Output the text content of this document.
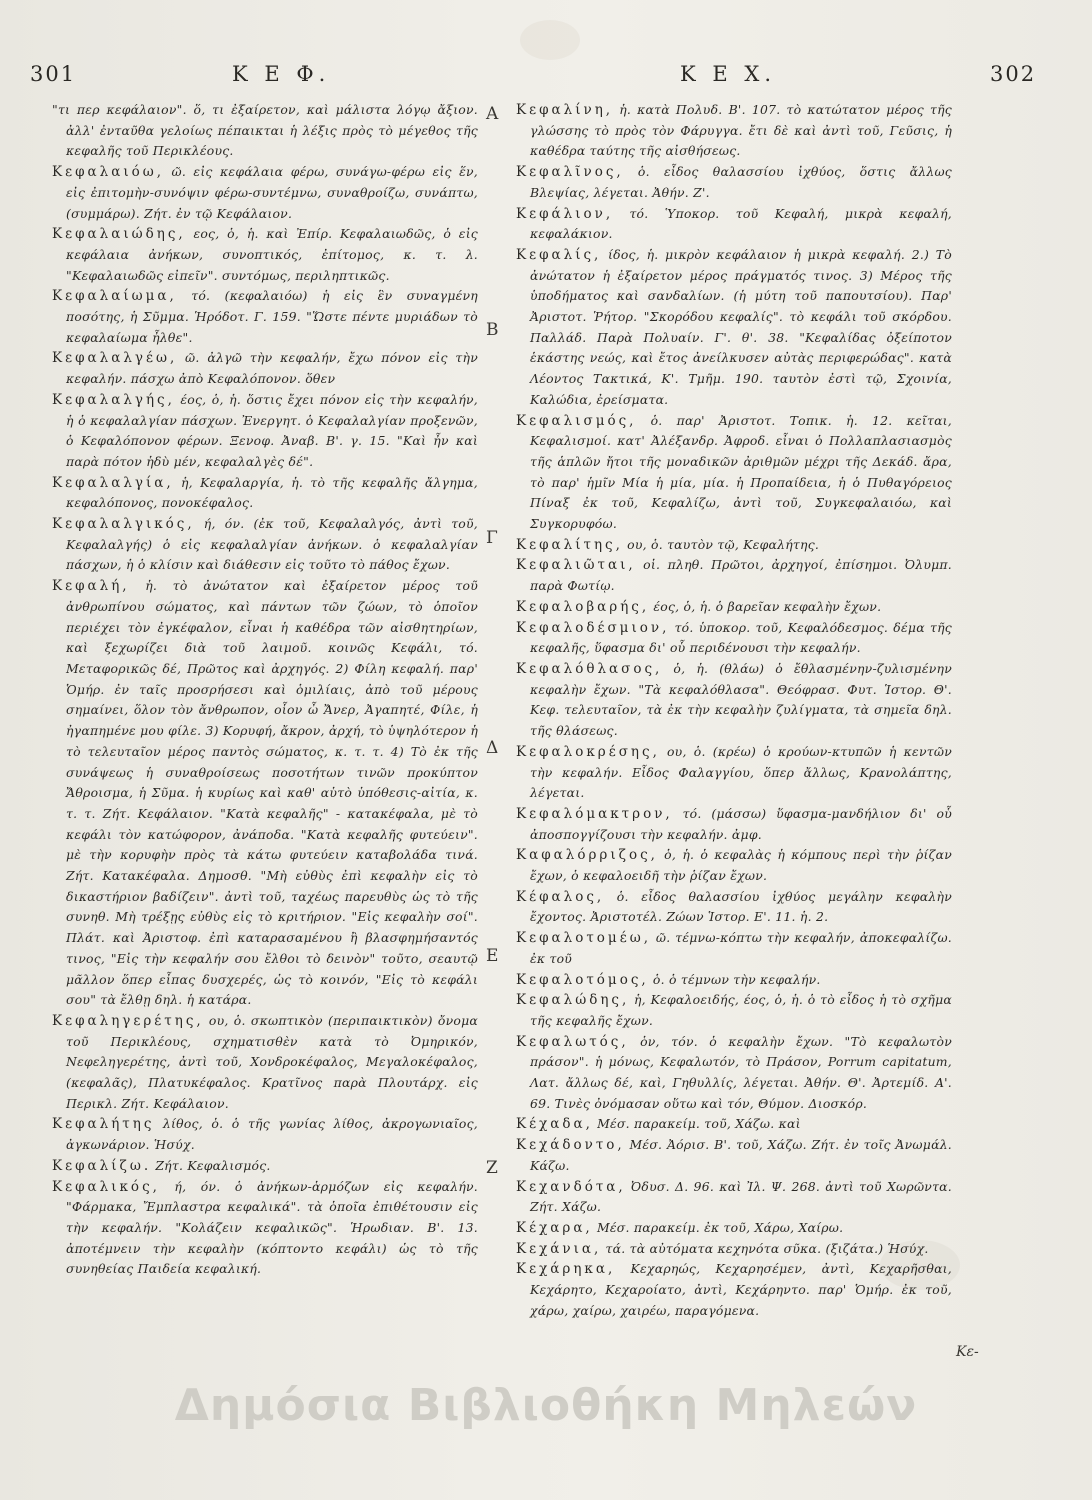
301	Κ Ε Φ.	Κ Ε Χ.	302

"τι περ κεφάλαιον". ὅ, τι ἐξαίρετον, καὶ μάλιστα λόγῳ ἄξιον. ἀλλ' ἐνταῦθα γελοίως πέπαικται ἡ λέξις πρὸς τὸ μέγεθος τῆς κεφαλῆς τοῦ Περικλέους.

Κεφαλαιόω, ῶ. εἰς κεφάλαια φέρω, συνάγω-φέρω εἰς ἕν, εἰς ἐπιτομὴν-συνόψιν φέρω-συντέμνω, συναθροίζω, συνάπτω, (συμμάρω). Ζήτ. ἐν τῷ Κεφάλαιον.

Κεφαλαιώδης, εος, ὁ, ἡ. καὶ Ἐπίρ. Κεφαλαιωδῶς, ὁ εἰς κεφάλαια ἀνήκων, συνοπτικός, ἐπίτομος, κ. τ. λ. "Κεφαλαιωδῶς εἰπεῖν". συντόμως, περιληπτικῶς.

Κεφαλαίωμα, τό. (κεφαλαιόω) ἡ εἰς ἓν συναγμένη ποσότης, ἡ Σῦμμα. Ἡρόδοτ. Γ. 159. "Ὥστε πέντε μυριάδων τὸ κεφαλαίωμα ἦλθε".

Κεφαλαλγέω, ῶ. ἀλγῶ τὴν κεφαλήν, ἔχω πόνον εἰς τὴν κεφαλήν. πάσχω ἀπὸ Κεφαλόπονον. ὅθεν

Κεφαλαλγής, έος, ὁ, ἡ. ὅστις ἔχει πόνον εἰς τὴν κεφαλήν, ἡ ὁ κεφαλαλγίαν πάσχων. Ἐνεργητ. ὁ Κεφαλαλγίαν προξενῶν, ὁ Κεφαλόπονον φέρων. Ξενοφ. Ἀναβ. Β'. γ. 15. "Καὶ ἦν καὶ παρὰ πότον ἡδὺ μέν, κεφαλαλγὲς δέ".

Κεφαλαλγία, ἡ, Κεφαλαργία, ἡ. τὸ τῆς κεφαλῆς ἄλγημα, κεφαλόπονος, πονοκέφαλος.

Κεφαλαλγικός, ή, όν. (ἐκ τοῦ, Κεφαλαλγός, ἀντὶ τοῦ, Κεφαλαλγής) ὁ εἰς κεφαλαλγίαν ἀνήκων. ὁ κεφαλαλγίαν πάσχων, ἡ ὁ κλίσιν καὶ διάθεσιν εἰς τοῦτο τὸ πάθος ἔχων.

Κεφαλή, ἡ. τὸ ἀνώτατον καὶ ἐξαίρετον μέρος τοῦ ἀνθρωπίνου σώματος, καὶ πάντων τῶν ζώων, τὸ ὁποῖον περιέχει τὸν ἐγκέφαλον, εἶναι ἡ καθέδρα τῶν αἰσθητηρίων, καὶ ξεχωρίζει διὰ τοῦ λαιμοῦ. κοινῶς Κεφάλι, τό. Μεταφορικῶς δέ, Πρῶτος καὶ ἀρχηγός. 2) Φίλη κεφαλή. παρ' Ὁμήρ. ἐν ταῖς προσρήσεσι καὶ ὁμιλίαις, ἀπὸ τοῦ μέρους σημαίνει, ὅλον τὸν ἄνθρωπον, οἷον ὦ Ἄνερ, Ἀγαπητέ, Φίλε, ἡ ἠγαπημένε μου φίλε. 3) Κορυφή, ἄκρον, ἀρχή, τὸ ὑψηλότερον ἡ τὸ τελευταῖον μέρος παντὸς σώματος, κ. τ. τ. 4) Τὸ ἐκ τῆς συνάψεως ἡ συναθροίσεως ποσοτήτων τινῶν προκύπτον Ἄθροισμα, ἡ Σῦμα. ἡ κυρίως καὶ καθ' αὑτὸ ὑπόθεσις-αἰτία, κ. τ. τ. Ζήτ. Κεφάλαιον. "Κατὰ κεφαλῆς" - κατακέφαλα, μὲ τὸ κεφάλι τὸν κατώφορον, ἀνάποδα. "Κατὰ κεφαλῆς φυτεύειν". μὲ τὴν κορυφὴν πρὸς τὰ κάτω φυτεύειν καταβολάδα τινά. Ζήτ. Κατακέφαλα. Δημοσθ. "Μὴ εὐθὺς ἐπὶ κεφαλὴν εἰς τὸ δικαστήριον βαδίζειν". ἀντὶ τοῦ, ταχέως παρευθὺς ὡς τὸ τῆς συνηθ. Μὴ τρέξῃς εὐθὺς εἰς τὸ κριτήριον. "Εἰς κεφαλὴν σοί". Πλάτ. καὶ Ἀριστοφ. ἐπὶ καταρασαμένου ἢ βλασφημήσαντός τινος, "Εἰς τὴν κεφαλήν σου ἔλθοι τὸ δεινὸν" τοῦτο, σεαυτῷ μᾶλλον ὅπερ εἶπας δυσχερές, ὡς τὸ κοινόν, "Εἰς τὸ κεφάλι σου" τὰ ἔλθῃ δηλ. ἡ κατάρα.

Κεφαληγερέτης, ου, ὁ. σκωπτικὸν (περιπαικτικὸν) ὄνομα τοῦ Περικλέους, σχηματισθὲν κατὰ τὸ Ὀμηρικόν, Νεφεληγερέτης, ἀντὶ τοῦ, Χονδροκέφαλος, Μεγαλοκέφαλος, (κεφαλᾶς), Πλατυκέφαλος. Κρατῖνος παρὰ Πλουτάρχ. εἰς Περικλ. Ζήτ. Κεφάλαιον.

Κεφαλήτης λίθος, ὁ. ὁ τῆς γωνίας λίθος, ἀκρογωνιαῖος, ἀγκωνάριον. Ἡσύχ.

Κεφαλίζω. Ζήτ. Κεφαλισμός.

Κεφαλικός, ή, όν. ὁ ἀνήκων-ἁρμόζων εἰς κεφαλήν. "Φάρμακα, Ἔμπλαστρα κεφαλικά". τὰ ὁποῖα ἐπιθέτουσιν εἰς τὴν κεφαλήν. "Κολάζειν κεφαλικῶς". Ἡρωδιαν. Β'. 13. ἀποτέμνειν τὴν κεφαλὴν (κόπτοντο κεφάλι) ὡς τὸ τῆς συνηθείας Παιδεία κεφαλική.

Κεφαλίνη, ἡ. κατὰ Πολυδ. Β'. 107. τὸ κατώτατον μέρος τῆς γλώσσης τὸ πρὸς τὸν Φάρυγγα. ἔτι δὲ καὶ ἀντὶ τοῦ, Γεῦσις, ἡ καθέδρα ταύτης τῆς αἰσθήσεως.

Κεφαλῖνος, ὁ. εἶδος θαλασσίου ἰχθύος, ὅστις ἄλλως Βλεψίας, λέγεται. Ἀθήν. Ζ'.

Κεφάλιον, τό. Ὑποκορ. τοῦ Κεφαλή, μικρὰ κεφαλή, κεφαλάκιον.

Κεφαλίς, ίδος, ἡ. μικρὸν κεφάλαιον ἡ μικρὰ κεφαλή. 2.) Τὸ ἀνώτατον ἡ ἐξαίρετον μέρος πράγματός τινος. 3) Μέρος τῆς ὑποδήματος καὶ σανδαλίων. (ἡ μύτη τοῦ παπουτσίου). Παρ' Ἀριστοτ. Ῥήτορ. "Σκορόδου κεφαλίς". τὸ κεφάλι τοῦ σκόρδου. Παλλάδ. Παρὰ Πολυαίν. Γ'. θ'. 38. "Κεφαλίδας ὀξείποτον ἑκάστης νεώς, καὶ ἔτος ἀνείλκυσεν αὐτὰς περιφερώδας". κατὰ Λέοντος Τακτικά, Κ'. Τμῆμ. 190. ταυτὸν ἐστὶ τῷ, Σχοινία, Καλώδια, ἐρείσματα.

Κεφαλισμός, ὁ. παρ' Ἀριστοτ. Τοπικ. ἡ. 12. κεῖται, Κεφαλισμοί. κατ' Ἀλέξανδρ. Ἀφροδ. εἶναι ὁ Πολλαπλασιασμὸς τῆς ἁπλῶν ἤτοι τῆς μοναδικῶν ἀριθμῶν μέχρι τῆς Δεκάδ. ἄρα, τὸ παρ' ἡμῖν Μία ἡ μία, μία. ἡ Προπαίδεια, ἡ ὁ Πυθαγόρειος Πίναξ ἐκ τοῦ, Κεφαλίζω, ἀντὶ τοῦ, Συγκεφαλαιόω, καὶ Συγκορυφόω.

Κεφαλίτης, ου, ὁ. ταυτὸν τῷ, Κεφαλήτης.

Κεφαλιῶται, οἱ. πληθ. Πρῶτοι, ἀρχηγοί, ἐπίσημοι. Ὀλυμπ. παρὰ Φωτίῳ.

Κεφαλοβαρής, έος, ὁ, ἡ. ὁ βαρεῖαν κεφαλὴν ἔχων.

Κεφαλοδέσμιον, τό. ὑποκορ. τοῦ, Κεφαλόδεσμος. δέμα τῆς κεφαλῆς, ὕφασμα δι' οὗ περιδένουσι τὴν κεφαλήν.

Κεφαλόθλασος, ὁ, ἡ. (θλάω) ὁ ἔθλασμένην-ζυλισμένην κεφαλὴν ἔχων. "Τὰ κεφαλόθλασα". Θεόφρασ. Φυτ. Ἱστορ. Θ'. Κεφ. τελευταῖον, τὰ ἐκ τὴν κεφαλὴν ζυλίγματα, τὰ σημεῖα δηλ. τῆς θλάσεως.

Κεφαλοκρέσης, ου, ὁ. (κρέω) ὁ κρούων-κτυπῶν ἡ κεντῶν τὴν κεφαλήν. Εἶδος Φαλαγγίου, ὅπερ ἄλλως, Κρανολάπτης, λέγεται.

Κεφαλόμακτρον, τό. (μάσσω) ὕφασμα-μανδήλιον δι' οὗ ἀποσπογγίζουσι τὴν κεφαλήν. ἀμφ.

Καφαλόρριζος, ὁ, ἡ. ὁ κεφαλὰς ἡ κόμπους περὶ τὴν ῥίζαν ἔχων, ὁ κεφαλοειδῆ τὴν ῥίζαν ἔχων.

Κέφαλος, ὁ. εἶδος θαλασσίου ἰχθύος μεγάλην κεφαλὴν ἔχοντος. Ἀριστοτέλ. Ζώων Ἱστορ. Ε'. 11. ἡ. 2.

Κεφαλοτομέω, ῶ. τέμνω-κόπτω τὴν κεφαλήν, ἀποκεφαλίζω. ἐκ τοῦ

Κεφαλοτόμος, ὁ. ὁ τέμνων τὴν κεφαλήν.

Κεφαλώδης, ἡ, Κεφαλοειδής, έος, ὁ, ἡ. ὁ τὸ εἶδος ἡ τὸ σχῆμα τῆς κεφαλῆς ἔχων.

Κεφαλωτός, ὁν, τόν. ὁ κεφαλὴν ἔχων. "Τὸ κεφαλωτὸν πράσον". ἡ μόνως, Κεφαλωτόν, τὸ Πράσον, Porrum capitatum, Λατ. ἄλλως δέ, καὶ, Γηθυλλίς, λέγεται. Ἀθήν. Θ'. Ἀρτεμίδ. Α'. 69. Τινὲς ὀνόμασαν οὕτω καὶ τόν, Θύμον. Διοσκόρ.

Κέχαδα, Μέσ. παρακείμ. τοῦ, Χάζω. καὶ

Κεχάδοντο, Μέσ. Ἀόρισ. Β'. τοῦ, Χάζω. Ζήτ. ἐν τοῖς Ἀνωμάλ. Κάζω.

Κεχανδότα, Ὀδυσ. Δ. 96. καὶ Ἰλ. Ψ. 268. ἀντὶ τοῦ Χωρῶντα. Ζήτ. Χάζω.

Κέχαρα, Μέσ. παρακείμ. ἐκ τοῦ, Χάρω, Χαίρω.

Κεχάνια, τά. τὰ αὐτόματα κεχηνότα σῦκα. (ξιζάτα.) Ἡσύχ.

Κεχάρηκα, Κεχαρηώς, Κεχαρησέμεν, ἀντὶ, Κεχαρῆσθαι, Κεχάρητο, Κεχαροίατο, ἀντὶ, Κεχάρηντο. παρ' Ὁμήρ. ἐκ τοῦ, χάρω, χαίρω, χαιρέω, παραγόμενα.

Α
Β
Γ
Δ
Ε
Ζ
Κε-
Δημόσια Βιβλιοθήκη Μηλεών
